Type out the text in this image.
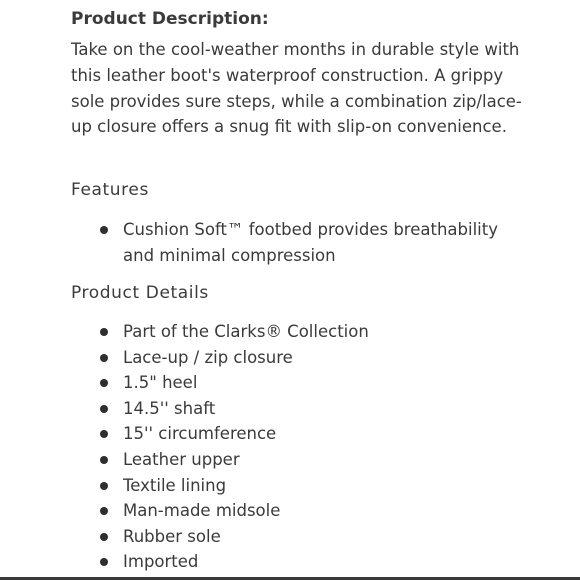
Product Description:
Take on the cool-weather months in durable style with this leather boot's waterproof construction. A grippy sole provides sure steps, while a combination zip/lace-up closure offers a snug fit with slip-on convenience.
Features
Cushion Soft™ footbed provides breathability and minimal compression
Product Details
Part of the Clarks® Collection
Lace-up / zip closure
1.5" heel
14.5'' shaft
15'' circumference
Leather upper
Textile lining
Man-made midsole
Rubber sole
Imported
